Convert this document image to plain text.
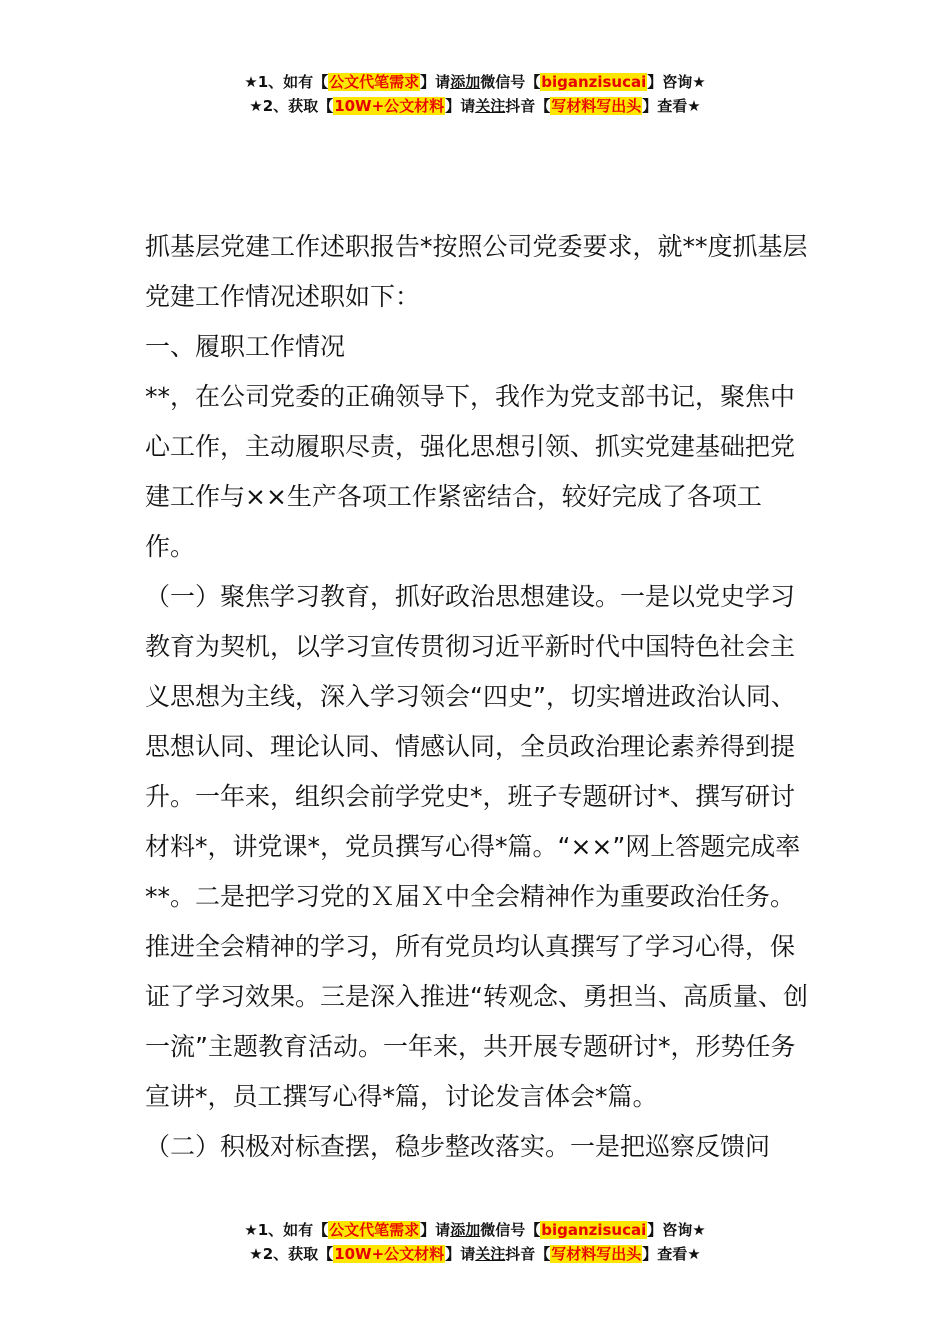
★1、如有【公文代笔需求】请添加微信号【biganzisucai】咨询★
★2、获取【10W+公文材料】请关注抖音【写材料写出头】查看★

抓基层党建工作述职报告*按照公司党委要求，就**度抓基层党建工作情况述职如下：

一、履职工作情况

**，在公司党委的正确领导下，我作为党支部书记，聚焦中心工作，主动履职尽责，强化思想引领、抓实党建基础把党建工作与××生产各项工作紧密结合，较好完成了各项工作。

（一）聚焦学习教育，抓好政治思想建设。一是以党史学习教育为契机，以学习宣传贯彻习近平新时代中国特色社会主义思想为主线，深入学习领会“四史”，切实增进政治认同、思想认同、理论认同、情感认同，全员政治理论素养得到提升。一年来，组织会前学党史*，班子专题研讨*、撰写研讨材料*，讲党课*，党员撰写心得*篇。“××”网上答题完成率**。二是把学习党的Ｘ届Ｘ中全会精神作为重要政治任务。推进全会精神的学习，所有党员均认真撰写了学习心得，保证了学习效果。三是深入推进“转观念、勇担当、高质量、创一流”主题教育活动。一年来，共开展专题研讨*，形势任务宣讲*，员工撰写心得*篇，讨论发言体会*篇。

（二）积极对标查摆，稳步整改落实。一是把巡察反馈问

★1、如有【公文代笔需求】请添加微信号【biganzisucai】咨询★
★2、获取【10W+公文材料】请关注抖音【写材料写出头】查看★
